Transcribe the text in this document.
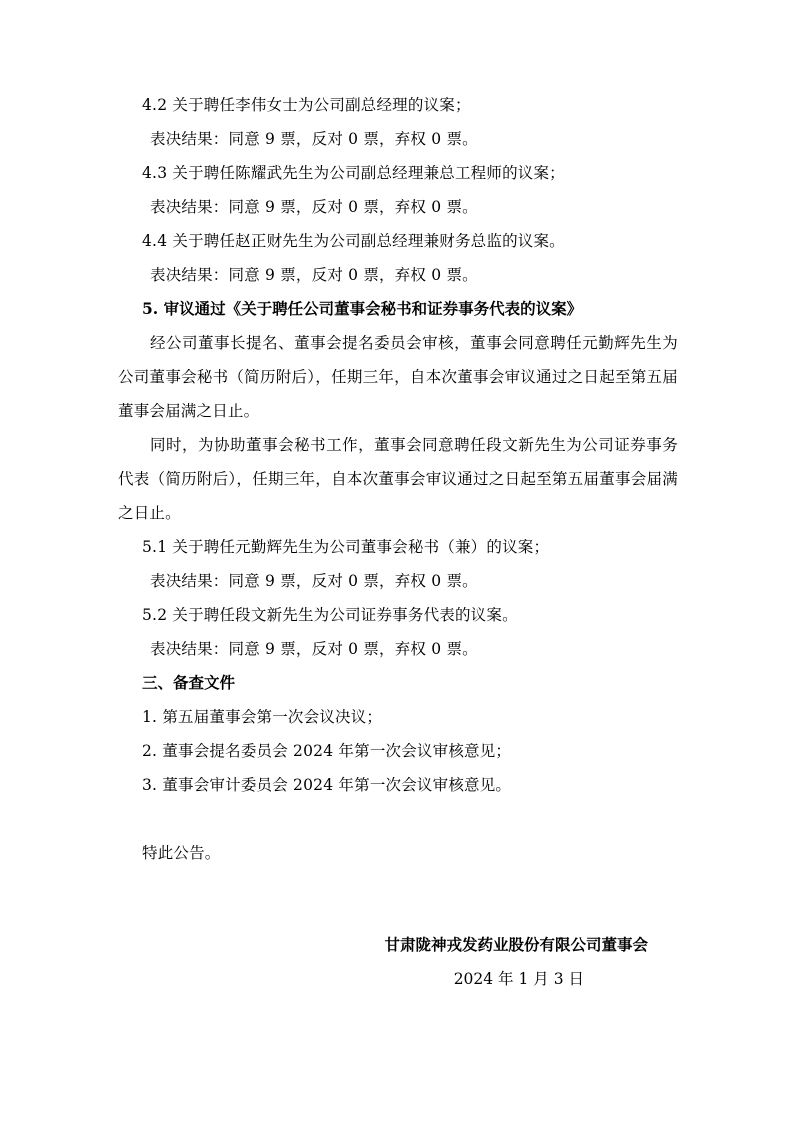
4.2 关于聘任李伟女士为公司副总经理的议案；
表决结果：同意 9 票，反对 0 票，弃权 0 票。
4.3 关于聘任陈耀武先生为公司副总经理兼总工程师的议案；
表决结果：同意 9 票，反对 0 票，弃权 0 票。
4.4 关于聘任赵正财先生为公司副总经理兼财务总监的议案。
表决结果：同意 9 票，反对 0 票，弃权 0 票。
5. 审议通过《关于聘任公司董事会秘书和证券事务代表的议案》
经公司董事长提名、董事会提名委员会审核，董事会同意聘任元勤辉先生为公司董事会秘书（简历附后），任期三年，自本次董事会审议通过之日起至第五届董事会届满之日止。
同时，为协助董事会秘书工作，董事会同意聘任段文新先生为公司证券事务代表（简历附后），任期三年，自本次董事会审议通过之日起至第五届董事会届满之日止。
5.1 关于聘任元勤辉先生为公司董事会秘书（兼）的议案；
表决结果：同意 9 票，反对 0 票，弃权 0 票。
5.2 关于聘任段文新先生为公司证券事务代表的议案。
表决结果：同意 9 票，反对 0 票，弃权 0 票。
三、备查文件
1. 第五届董事会第一次会议决议；
2. 董事会提名委员会 2024 年第一次会议审核意见；
3. 董事会审计委员会 2024 年第一次会议审核意见。
特此公告。
甘肃陇神戎发药业股份有限公司董事会
2024 年 1 月 3 日
